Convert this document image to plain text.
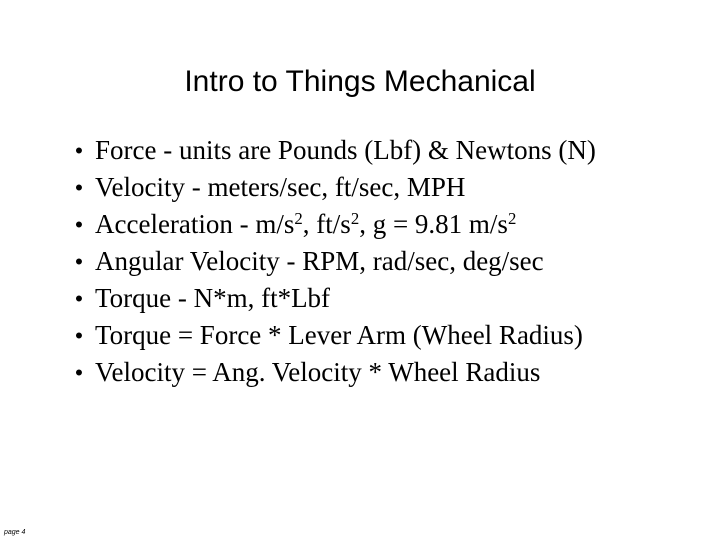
Intro to Things Mechanical
• Force - units are Pounds (Lbf) & Newtons (N)
• Velocity - meters/sec, ft/sec, MPH
• Acceleration - $m/s^2$, $ft/s^2$, g = 9.81 $m/s^2$
• Angular Velocity - RPM, rad/sec, deg/sec
• Torque - N*m, ft*Lbf
• Torque = Force * Lever Arm (Wheel Radius)
• Velocity = Ang. Velocity * Wheel Radius
page 4
